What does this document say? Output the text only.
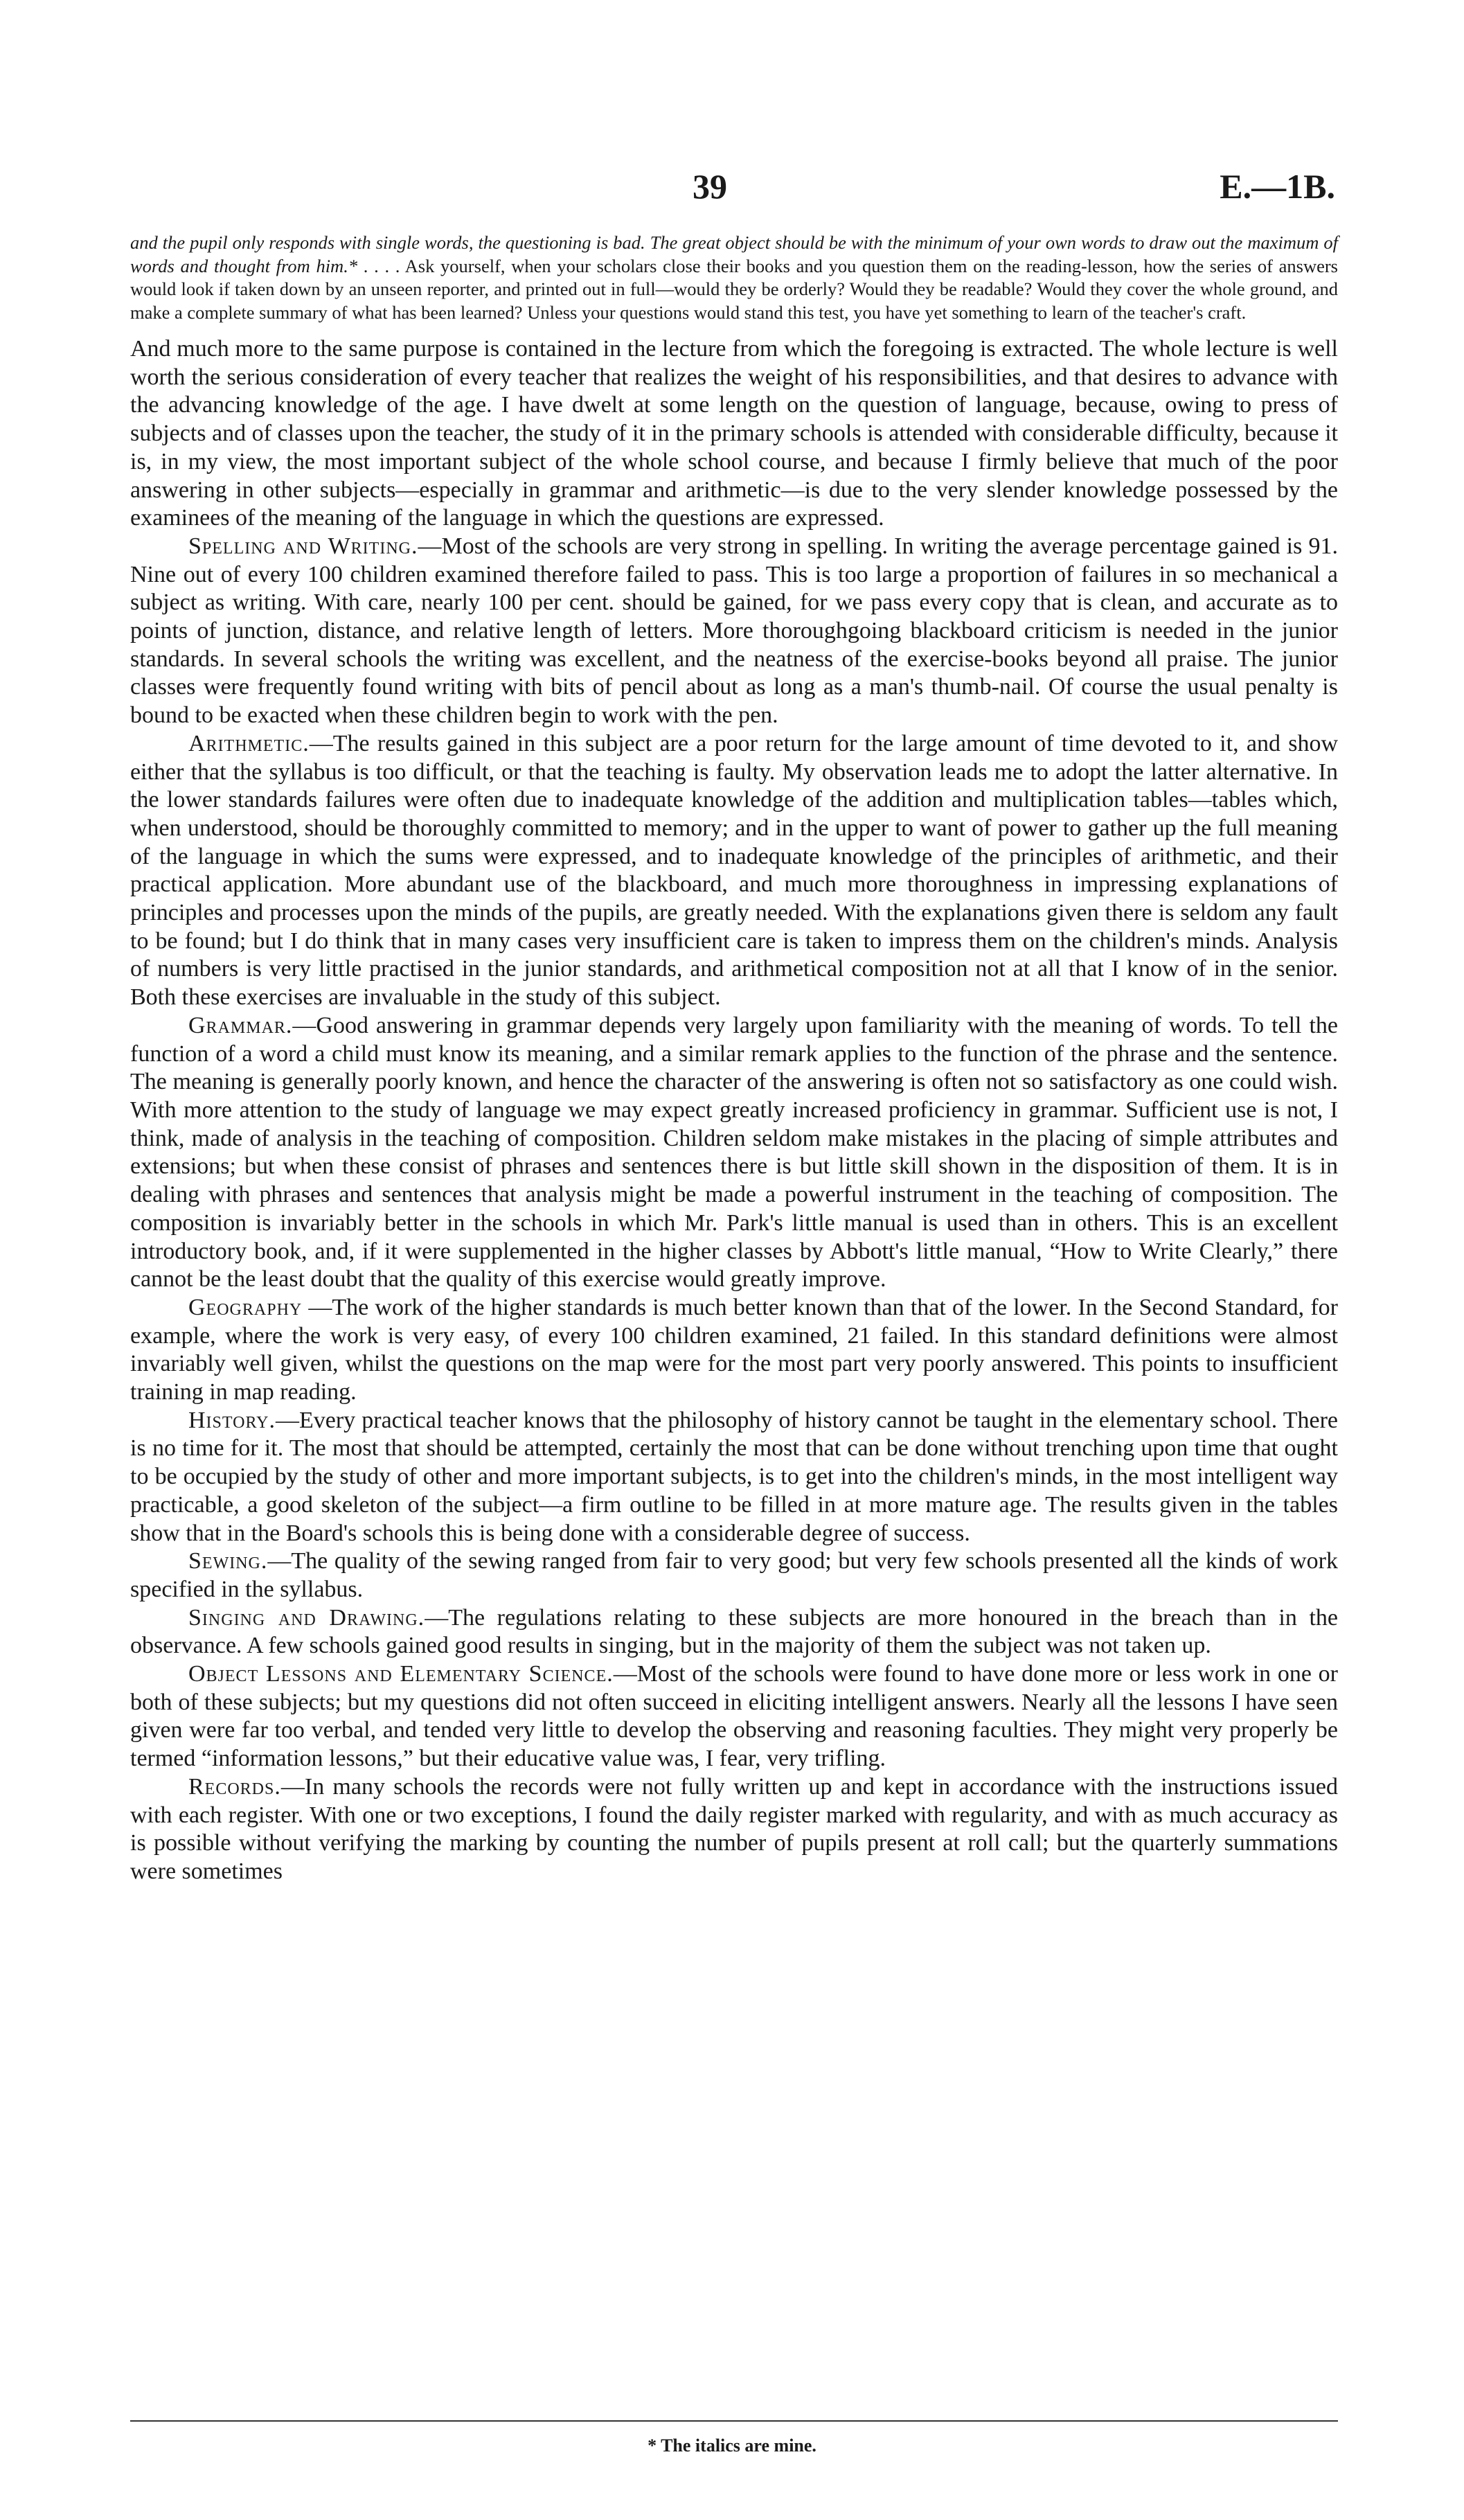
39	E.—1B.

and the pupil only responds with single words, the questioning is bad. The great object should be with the minimum of your own words to draw out the maximum of words and thought from him.* . . . . Ask yourself, when your scholars close their books and you question them on the reading-lesson, how the series of answers would look if taken down by an unseen reporter, and printed out in full—would they be orderly? Would they be readable? Would they cover the whole ground, and make a complete summary of what has been learned? Unless your questions would stand this test, you have yet something to learn of the teacher's craft.

And much more to the same purpose is contained in the lecture from which the foregoing is extracted. The whole lecture is well worth the serious consideration of every teacher that realizes the weight of his responsibilities, and that desires to advance with the advancing knowledge of the age. I have dwelt at some length on the question of language, because, owing to press of subjects and of classes upon the teacher, the study of it in the primary schools is attended with considerable difficulty, because it is, in my view, the most important subject of the whole school course, and because I firmly believe that much of the poor answering in other subjects—especially in grammar and arithmetic—is due to the very slender knowledge possessed by the examinees of the meaning of the language in which the questions are expressed.

Spelling and Writing.—Most of the schools are very strong in spelling. In writing the average percentage gained is 91. Nine out of every 100 children examined therefore failed to pass. This is too large a proportion of failures in so mechanical a subject as writing. With care, nearly 100 per cent. should be gained, for we pass every copy that is clean, and accurate as to points of junction, distance, and relative length of letters. More thoroughgoing blackboard criticism is needed in the junior standards. In several schools the writing was excellent, and the neatness of the exercise-books beyond all praise. The junior classes were frequently found writing with bits of pencil about as long as a man's thumb-nail. Of course the usual penalty is bound to be exacted when these children begin to work with the pen.

Arithmetic.—The results gained in this subject are a poor return for the large amount of time devoted to it, and show either that the syllabus is too difficult, or that the teaching is faulty. My observation leads me to adopt the latter alternative. In the lower standards failures were often due to inadequate knowledge of the addition and multiplication tables—tables which, when understood, should be thoroughly committed to memory; and in the upper to want of power to gather up the full meaning of the language in which the sums were expressed, and to inadequate knowledge of the principles of arithmetic, and their practical application. More abundant use of the blackboard, and much more thoroughness in impressing explanations of principles and processes upon the minds of the pupils, are greatly needed. With the explanations given there is seldom any fault to be found; but I do think that in many cases very insufficient care is taken to impress them on the children's minds. Analysis of numbers is very little practised in the junior standards, and arithmetical composition not at all that I know of in the senior. Both these exercises are invaluable in the study of this subject.

Grammar.—Good answering in grammar depends very largely upon familiarity with the meaning of words. To tell the function of a word a child must know its meaning, and a similar remark applies to the function of the phrase and the sentence. The meaning is generally poorly known, and hence the character of the answering is often not so satisfactory as one could wish. With more attention to the study of language we may expect greatly increased proficiency in grammar. Sufficient use is not, I think, made of analysis in the teaching of composition. Children seldom make mistakes in the placing of simple attributes and extensions; but when these consist of phrases and sentences there is but little skill shown in the disposition of them. It is in dealing with phrases and sentences that analysis might be made a powerful instrument in the teaching of composition. The composition is invariably better in the schools in which Mr. Park's little manual is used than in others. This is an excellent introductory book, and, if it were supplemented in the higher classes by Abbott's little manual, “How to Write Clearly,” there cannot be the least doubt that the quality of this exercise would greatly improve.

Geography —The work of the higher standards is much better known than that of the lower. In the Second Standard, for example, where the work is very easy, of every 100 children examined, 21 failed. In this standard definitions were almost invariably well given, whilst the questions on the map were for the most part very poorly answered. This points to insufficient training in map reading.

History.—Every practical teacher knows that the philosophy of history cannot be taught in the elementary school. There is no time for it. The most that should be attempted, certainly the most that can be done without trenching upon time that ought to be occupied by the study of other and more important subjects, is to get into the children's minds, in the most intelligent way practicable, a good skeleton of the subject—a firm outline to be filled in at more mature age. The results given in the tables show that in the Board's schools this is being done with a considerable degree of success.

Sewing.—The quality of the sewing ranged from fair to very good; but very few schools presented all the kinds of work specified in the syllabus.

Singing and Drawing.—The regulations relating to these subjects are more honoured in the breach than in the observance. A few schools gained good results in singing, but in the majority of them the subject was not taken up.

Object Lessons and Elementary Science.—Most of the schools were found to have done more or less work in one or both of these subjects; but my questions did not often succeed in eliciting intelligent answers. Nearly all the lessons I have seen given were far too verbal, and tended very little to develop the observing and reasoning faculties. They might very properly be termed “information lessons,” but their educative value was, I fear, very trifling.

Records.—In many schools the records were not fully written up and kept in accordance with the instructions issued with each register. With one or two exceptions, I found the daily register marked with regularity, and with as much accuracy as is possible without verifying the marking by counting the number of pupils present at roll call; but the quarterly summations were sometimes

* The italics are mine.
